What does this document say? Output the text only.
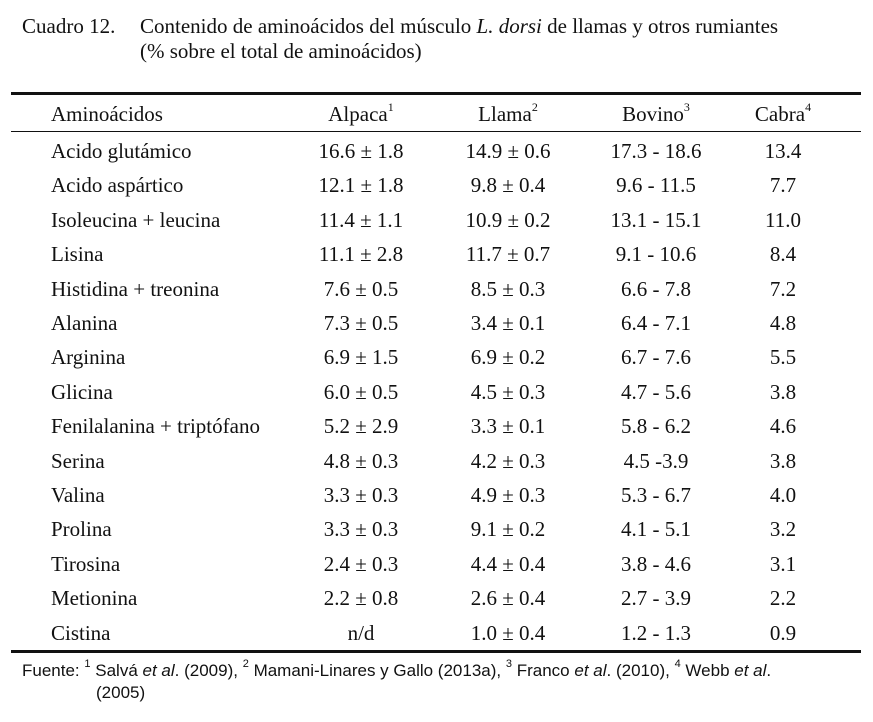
Cuadro 12. Contenido de aminoácidos del músculo L. dorsi de llamas y otros rumiantes
(% sobre el total de aminoácidos)
Aminoácidos	Alpaca$^1$	Llama$^2$	Bovino$^3$	Cabra$^4$
Acido glutámico	16.6 ± 1.8	14.9 ± 0.6	17.3 - 18.6	13.4
Acido aspártico	12.1 ± 1.8	9.8 ± 0.4	9.6 - 11.5	7.7
Isoleucina + leucina	11.4 ± 1.1	10.9 ± 0.2	13.1 - 15.1	11.0
Lisina	11.1 ± 2.8	11.7 ± 0.7	9.1 - 10.6	8.4
Histidina + treonina	7.6 ± 0.5	8.5 ± 0.3	6.6 - 7.8	7.2
Alanina	7.3 ± 0.5	3.4 ± 0.1	6.4 - 7.1	4.8
Arginina	6.9 ± 1.5	6.9 ± 0.2	6.7 - 7.6	5.5
Glicina	6.0 ± 0.5	4.5 ± 0.3	4.7 - 5.6	3.8
Fenilalanina + triptófano	5.2 ± 2.9	3.3 ± 0.1	5.8 - 6.2	4.6
Serina	4.8 ± 0.3	4.2 ± 0.3	4.5 -3.9	3.8
Valina	3.3 ± 0.3	4.9 ± 0.3	5.3 - 6.7	4.0
Prolina	3.3 ± 0.3	9.1 ± 0.2	4.1 - 5.1	3.2
Tirosina	2.4 ± 0.3	4.4 ± 0.4	3.8 - 4.6	3.1
Metionina	2.2 ± 0.8	2.6 ± 0.4	2.7 - 3.9	2.2
Cistina	n/d	1.0 ± 0.4	1.2 - 1.3	0.9
Fuente: $^1$ Salvá et al. (2009), $^2$ Mamani-Linares y Gallo (2013a), $^3$ Franco et al. (2010), $^4$ Webb et al.
(2005)
